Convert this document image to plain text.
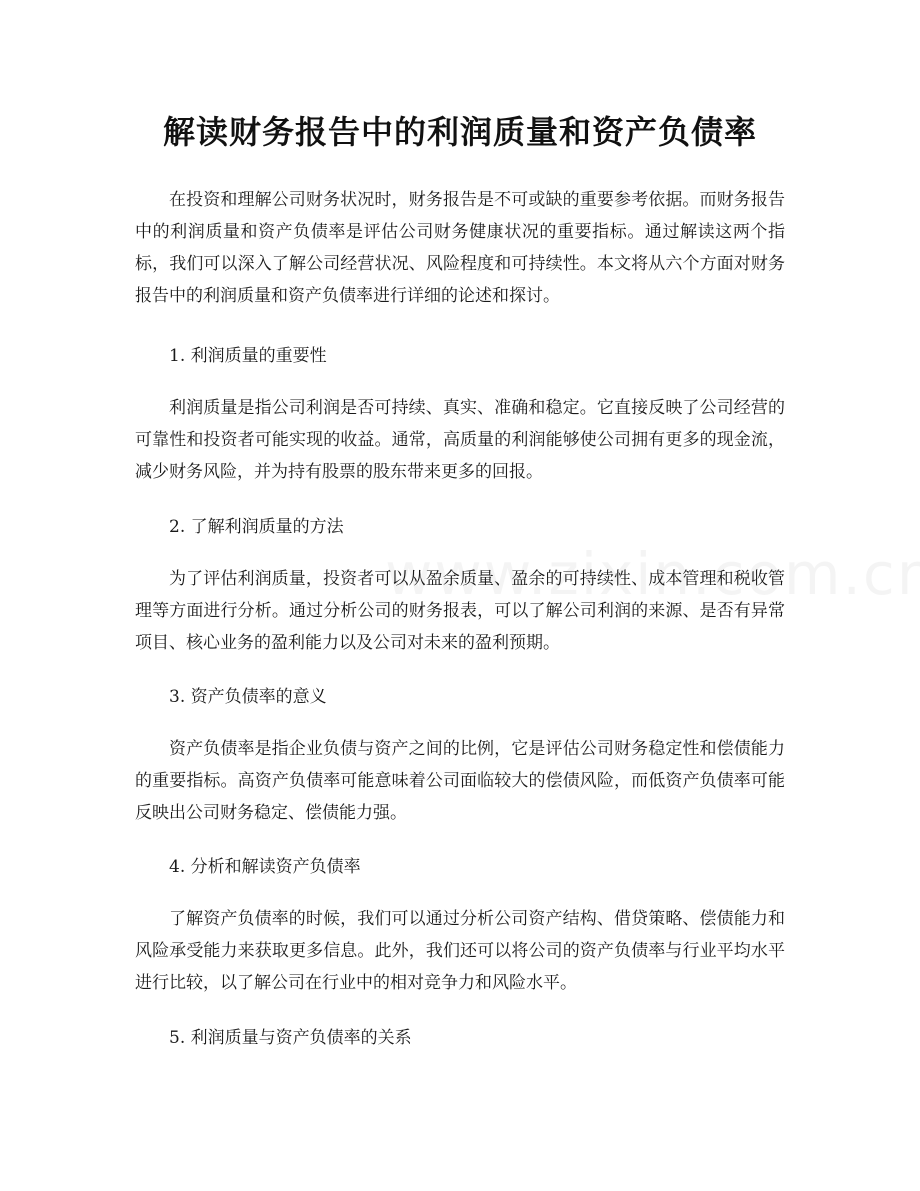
解读财务报告中的利润质量和资产负债率

在投资和理解公司财务状况时，财务报告是不可或缺的重要参考依据。而财务报告中的利润质量和资产负债率是评估公司财务健康状况的重要指标。通过解读这两个指标，我们可以深入了解公司经营状况、风险程度和可持续性。本文将从六个方面对财务报告中的利润质量和资产负债率进行详细的论述和探讨。

1. 利润质量的重要性

利润质量是指公司利润是否可持续、真实、准确和稳定。它直接反映了公司经营的可靠性和投资者可能实现的收益。通常，高质量的利润能够使公司拥有更多的现金流，减少财务风险，并为持有股票的股东带来更多的回报。

2. 了解利润质量的方法

为了评估利润质量，投资者可以从盈余质量、盈余的可持续性、成本管理和税收管理等方面进行分析。通过分析公司的财务报表，可以了解公司利润的来源、是否有异常项目、核心业务的盈利能力以及公司对未来的盈利预期。

3. 资产负债率的意义

资产负债率是指企业负债与资产之间的比例，它是评估公司财务稳定性和偿债能力的重要指标。高资产负债率可能意味着公司面临较大的偿债风险，而低资产负债率可能反映出公司财务稳定、偿债能力强。

4. 分析和解读资产负债率

了解资产负债率的时候，我们可以通过分析公司资产结构、借贷策略、偿债能力和风险承受能力来获取更多信息。此外，我们还可以将公司的资产负债率与行业平均水平进行比较，以了解公司在行业中的相对竞争力和风险水平。

5. 利润质量与资产负债率的关系
